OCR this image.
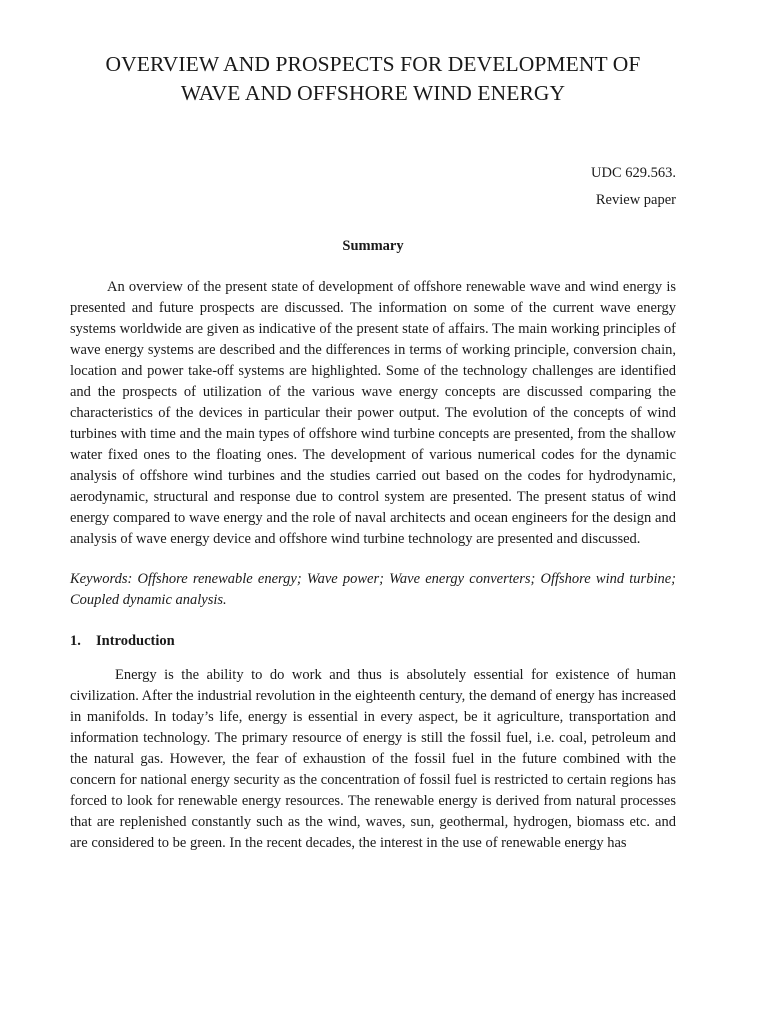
OVERVIEW AND PROSPECTS FOR DEVELOPMENT OF
WAVE AND OFFSHORE WIND ENERGY
UDC 629.563.
Review paper
Summary

An overview of the present state of development of offshore renewable wave and wind energy is presented and future prospects are discussed. The information on some of the current wave energy systems worldwide are given as indicative of the present state of affairs. The main working principles of wave energy systems are described and the differences in terms of working principle, conversion chain, location and power take-off systems are highlighted. Some of the technology challenges are identified and the prospects of utilization of the various wave energy concepts are discussed comparing the characteristics of the devices in particular their power output. The evolution of the concepts of wind turbines with time and the main types of offshore wind turbine concepts are presented, from the shallow water fixed ones to the floating ones. The development of various numerical codes for the dynamic analysis of offshore wind turbines and the studies carried out based on the codes for hydrodynamic, aerodynamic, structural and response due to control system are presented. The present status of wind energy compared to wave energy and the role of naval architects and ocean engineers for the design and analysis of wave energy device and offshore wind turbine technology are presented and discussed.

Keywords: Offshore renewable energy; Wave power; Wave energy converters; Offshore wind turbine; Coupled dynamic analysis.

1. Introduction

Energy is the ability to do work and thus is absolutely essential for existence of human civilization. After the industrial revolution in the eighteenth century, the demand of energy has increased in manifolds. In today’s life, energy is essential in every aspect, be it agriculture, transportation and information technology. The primary resource of energy is still the fossil fuel, i.e. coal, petroleum and the natural gas. However, the fear of exhaustion of the fossil fuel in the future combined with the concern for national energy security as the concentration of fossil fuel is restricted to certain regions has forced to look for renewable energy resources. The renewable energy is derived from natural processes that are replenished constantly such as the wind, waves, sun, geothermal, hydrogen, biomass etc. and are considered to be green. In the recent decades, the interest in the use of renewable energy has
